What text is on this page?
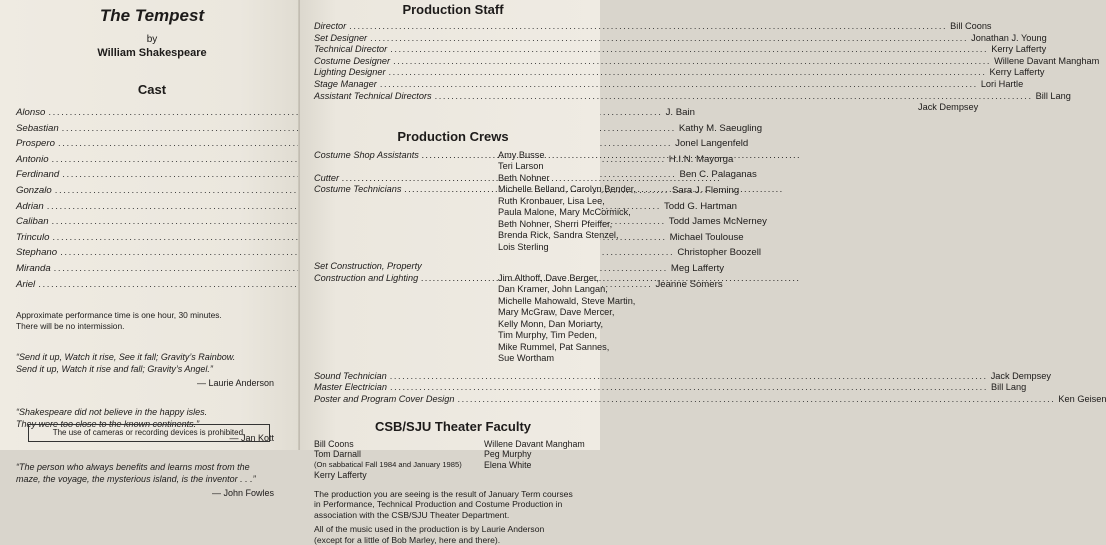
The Tempest
by
William Shakespeare
Cast
Alonso .....	J. Bain
Sebastian .....	Kathy M. Saeugling
Prospero .....	Jonel Langenfeld
Antonio .....	H.I.N. Mayorga
Ferdinand .....	Ben C. Palaganas
Gonzalo .....	Sara J. Fleming
Adrian .....	Todd G. Hartman
Caliban .....	Todd James McNerney
Trinculo .....	Michael Toulouse
Stephano .....	Christopher Boozell
Miranda .....	Meg Lafferty
Ariel .....	Jeanne Somers
Approximate performance time is one hour, 30 minutes.
There will be no intermission.
“Send it up, Watch it rise, See it fall; Gravity’s Rainbow.
Send it up, Watch it rise and fall; Gravity’s Angel.”
— Laurie Anderson
“Shakespeare did not believe in the happy isles.
They were too close to the known continents.”
— Jan Kott
“The person who always benefits and learns most from the
maze, the voyage, the mysterious island, is the inventor . . .”
— John Fowles
The use of cameras or recording devices is prohibited.
Production Staff
Director .....	Bill Coons
Set Designer .....	Jonathan J. Young
Technical Director .....	Kerry Lafferty
Costume Designer .....	Willene Davant Mangham
Lighting Designer .....	Kerry Lafferty
Stage Manager .....	Lori Hartle
Assistant Technical Directors .....	Bill Lang
Jack Dempsey
Production Crews
Costume Shop Assistants .....	Amy Busse
Teri Larson
Cutter .....	Beth Nohner
Costume Technicians .....	Michelle Belland, Carolyn Bender,
Ruth Kronbauer, Lisa Lee,
Paula Malone, Mary McCormick,
Beth Nohner, Sherri Pfeiffer,
Brenda Rick, Sandra Stenzel,
Lois Sterling
Set Construction, Property
Construction and Lighting .....	Jim Althoff, Dave Berger,
Dan Kramer, John Langan,
Michelle Mahowald, Steve Martin,
Mary McGraw, Dave Mercer,
Kelly Monn, Dan Moriarty,
Tim Murphy, Tim Peden,
Mike Rummel, Pat Sannes,
Sue Wortham
Sound Technician .....	Jack Dempsey
Master Electrician .....	Bill Lang
Poster and Program Cover Design .....	Ken Geisen
CSB/SJU Theater Faculty
Bill Coons	Willene Davant Mangham
Tom Darnall	Peg Murphy
(On sabbatical Fall 1984 and January 1985)	Elena White
Kerry Lafferty
The production you are seeing is the result of January Term courses
in Performance, Technical Production and Costume Production in
association with the CSB/SJU Theater Department.
All of the music used in the production is by Laurie Anderson
(except for a little of Bob Marley, here and there).
